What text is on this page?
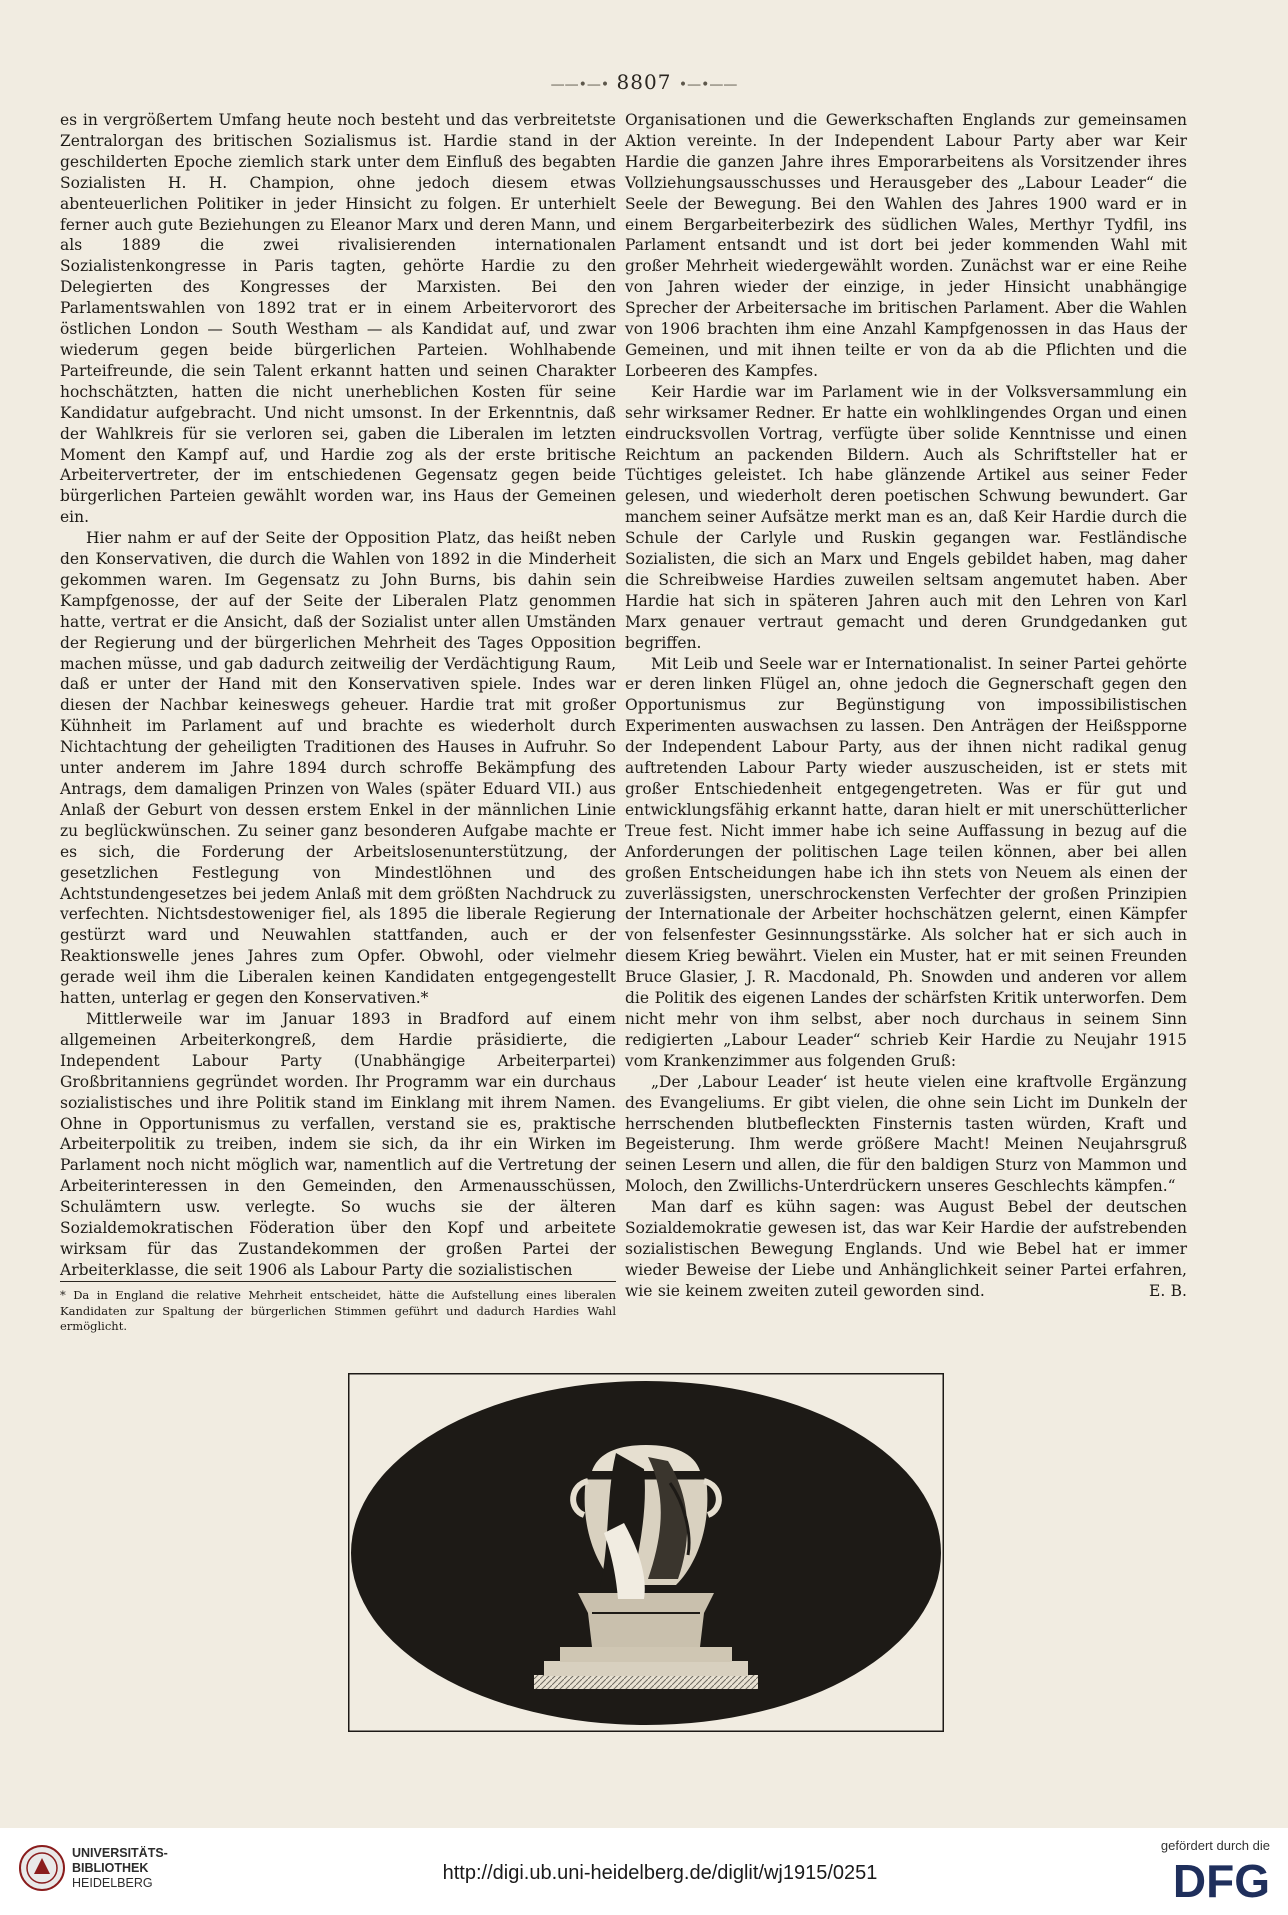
——•—• 8807 •—•——

es in vergrößertem Umfang heute noch besteht und das verbreitetste Zentralorgan des britischen Sozialismus ist. Hardie stand in der geschilderten Epoche ziemlich stark unter dem Einfluß des begabten Sozialisten H. H. Champion, ohne jedoch diesem etwas abenteuerlichen Politiker in jeder Hinsicht zu folgen. Er unterhielt ferner auch gute Beziehungen zu Eleanor Marx und deren Mann, und als 1889 die zwei rivalisierenden internationalen Sozialistenkongresse in Paris tagten, gehörte Hardie zu den Delegierten des Kongresses der Marxisten. Bei den Parlamentswahlen von 1892 trat er in einem Arbeitervorort des östlichen London — South Westham — als Kandidat auf, und zwar wiederum gegen beide bürgerlichen Parteien. Wohlhabende Parteifreunde, die sein Talent erkannt hatten und seinen Charakter hochschätzten, hatten die nicht unerheblichen Kosten für seine Kandidatur aufgebracht. Und nicht umsonst. In der Erkenntnis, daß der Wahlkreis für sie verloren sei, gaben die Liberalen im letzten Moment den Kampf auf, und Hardie zog als der erste britische Arbeitervertreter, der im entschiedenen Gegensatz gegen beide bürgerlichen Parteien gewählt worden war, ins Haus der Gemeinen ein.

Hier nahm er auf der Seite der Opposition Platz, das heißt neben den Konservativen, die durch die Wahlen von 1892 in die Minderheit gekommen waren. Im Gegensatz zu John Burns, bis dahin sein Kampfgenosse, der auf der Seite der Liberalen Platz genommen hatte, vertrat er die Ansicht, daß der Sozialist unter allen Umständen der Regierung und der bürgerlichen Mehrheit des Tages Opposition machen müsse, und gab dadurch zeitweilig der Verdächtigung Raum, daß er unter der Hand mit den Konservativen spiele. Indes war diesen der Nachbar keineswegs geheuer. Hardie trat mit großer Kühnheit im Parlament auf und brachte es wiederholt durch Nichtachtung der geheiligten Traditionen des Hauses in Aufruhr. So unter anderem im Jahre 1894 durch schroffe Bekämpfung des Antrags, dem damaligen Prinzen von Wales (später Eduard VII.) aus Anlaß der Geburt von dessen erstem Enkel in der männlichen Linie zu beglückwünschen. Zu seiner ganz besonderen Aufgabe machte er es sich, die Forderung der Arbeitslosenunterstützung, der gesetzlichen Festlegung von Mindestlöhnen und des Achtstundengesetzes bei jedem Anlaß mit dem größten Nachdruck zu verfechten. Nichtsdestoweniger fiel, als 1895 die liberale Regierung gestürzt ward und Neuwahlen stattfanden, auch er der Reaktionswelle jenes Jahres zum Opfer. Obwohl, oder vielmehr gerade weil ihm die Liberalen keinen Kandidaten entgegengestellt hatten, unterlag er gegen den Konservativen.*

Mittlerweile war im Januar 1893 in Bradford auf einem allgemeinen Arbeiterkongreß, dem Hardie präsidierte, die Independent Labour Party (Unabhängige Arbeiterpartei) Großbritanniens gegründet worden. Ihr Programm war ein durchaus sozialistisches und ihre Politik stand im Einklang mit ihrem Namen. Ohne in Opportunismus zu verfallen, verstand sie es, praktische Arbeiterpolitik zu treiben, indem sie sich, da ihr ein Wirken im Parlament noch nicht möglich war, namentlich auf die Vertretung der Arbeiterinteressen in den Gemeinden, den Armenausschüssen, Schulämtern usw. verlegte. So wuchs sie der älteren Sozialdemokratischen Föderation über den Kopf und arbeitete wirksam für das Zustandekommen der großen Partei der Arbeiterklasse, die seit 1906 als Labour Party die sozialistischen

* Da in England die relative Mehrheit entscheidet, hätte die Aufstellung eines liberalen Kandidaten zur Spaltung der bürgerlichen Stimmen geführt und dadurch Hardies Wahl ermöglicht.

Organisationen und die Gewerkschaften Englands zur gemeinsamen Aktion vereinte. In der Independent Labour Party aber war Keir Hardie die ganzen Jahre ihres Emporarbeitens als Vorsitzender ihres Vollziehungsausschusses und Herausgeber des „Labour Leader“ die Seele der Bewegung. Bei den Wahlen des Jahres 1900 ward er in einem Bergarbeiterbezirk des südlichen Wales, Merthyr Tydfil, ins Parlament entsandt und ist dort bei jeder kommenden Wahl mit großer Mehrheit wiedergewählt worden. Zunächst war er eine Reihe von Jahren wieder der einzige, in jeder Hinsicht unabhängige Sprecher der Arbeitersache im britischen Parlament. Aber die Wahlen von 1906 brachten ihm eine Anzahl Kampfgenossen in das Haus der Gemeinen, und mit ihnen teilte er von da ab die Pflichten und die Lorbeeren des Kampfes.

Keir Hardie war im Parlament wie in der Volksversammlung ein sehr wirksamer Redner. Er hatte ein wohlklingendes Organ und einen eindrucksvollen Vortrag, verfügte über solide Kenntnisse und einen Reichtum an packenden Bildern. Auch als Schriftsteller hat er Tüchtiges geleistet. Ich habe glänzende Artikel aus seiner Feder gelesen, und wiederholt deren poetischen Schwung bewundert. Gar manchem seiner Aufsätze merkt man es an, daß Keir Hardie durch die Schule der Carlyle und Ruskin gegangen war. Festländische Sozialisten, die sich an Marx und Engels gebildet haben, mag daher die Schreibweise Hardies zuweilen seltsam angemutet haben. Aber Hardie hat sich in späteren Jahren auch mit den Lehren von Karl Marx genauer vertraut gemacht und deren Grundgedanken gut begriffen.

Mit Leib und Seele war er Internationalist. In seiner Partei gehörte er deren linken Flügel an, ohne jedoch die Gegnerschaft gegen den Opportunismus zur Begünstigung von impossibilistischen Experimenten auswachsen zu lassen. Den Anträgen der Heißspporne der Independent Labour Party, aus der ihnen nicht radikal genug auftretenden Labour Party wieder auszuscheiden, ist er stets mit großer Entschiedenheit entgegengetreten. Was er für gut und entwicklungsfähig erkannt hatte, daran hielt er mit unerschütterlicher Treue fest. Nicht immer habe ich seine Auffassung in bezug auf die Anforderungen der politischen Lage teilen können, aber bei allen großen Entscheidungen habe ich ihn stets von Neuem als einen der zuverlässigsten, unerschrockensten Verfechter der großen Prinzipien der Internationale der Arbeiter hochschätzen gelernt, einen Kämpfer von felsenfester Gesinnungsstärke. Als solcher hat er sich auch in diesem Krieg bewährt. Vielen ein Muster, hat er mit seinen Freunden Bruce Glasier, J. R. Macdonald, Ph. Snowden und anderen vor allem die Politik des eigenen Landes der schärfsten Kritik unterworfen. Dem nicht mehr von ihm selbst, aber noch durchaus in seinem Sinn redigierten „Labour Leader“ schrieb Keir Hardie zu Neujahr 1915 vom Krankenzimmer aus folgenden Gruß:

„Der ‚Labour Leader‘ ist heute vielen eine kraftvolle Ergänzung des Evangeliums. Er gibt vielen, die ohne sein Licht im Dunkeln der herrschenden blutbefleckten Finsternis tasten würden, Kraft und Begeisterung. Ihm werde größere Macht! Meinen Neujahrsgruß seinen Lesern und allen, die für den baldigen Sturz von Mammon und Moloch, den Zwillichs-Unterdrückern unseres Geschlechts kämpfen.“

Man darf es kühn sagen: was August Bebel der deutschen Sozialdemokratie gewesen ist, das war Keir Hardie der aufstrebenden sozialistischen Bewegung Englands. Und wie Bebel hat er immer wieder Beweise der Liebe und Anhänglichkeit seiner Partei erfahren, wie sie keinem zweiten zuteil geworden sind.	E. B.

UNIVERSITÄTS-
BIBLIOTHEK
HEIDELBERG	http://digi.ub.uni-heidelberg.de/diglit/wj1915/0251
gefördert durch die
DFG
